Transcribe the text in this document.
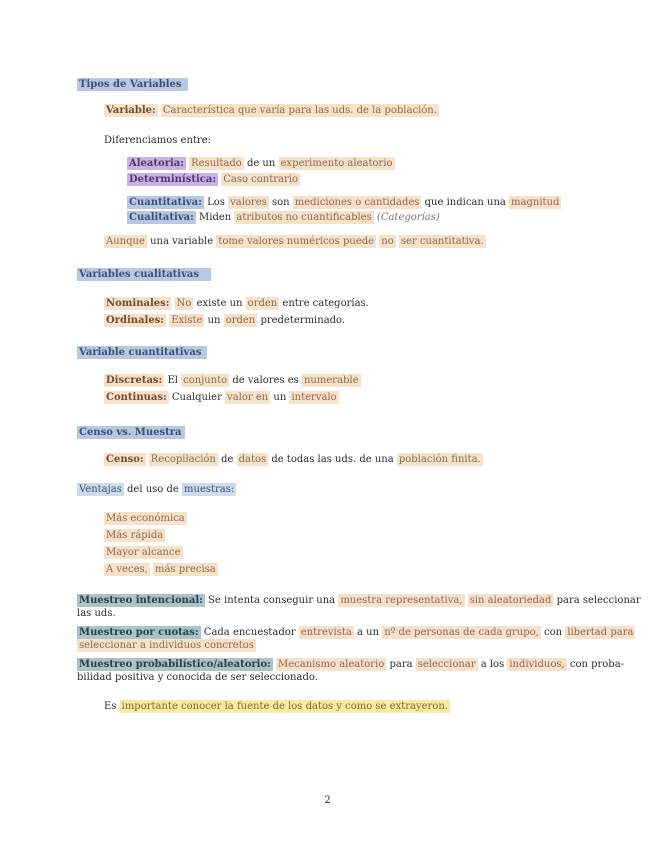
Tipos de Variables
Variable: Característica que varía para las uds. de la población.
Diferenciamos entre:
Aleatoria: Resultado de un experimento aleatorio
Determinística: Caso contrario
Cuantitativa: Los valores son mediciones o cantidades que indican una magnitud
Cualitativa: Miden atributos no cuantificables (Categorías)
Aunque una variable tome valores numéricos puede no ser cuantitativa.
Variables cualitativas
Nominales: No existe un orden entre categorías.
Ordinales: Existe un orden predeterminado.
Variable cuantitativas
Discretas: El conjunto de valores es numerable
Continuas: Cualquier valor en un intervalo
Censo vs. Muestra
Censo: Recopilación de datos de todas las uds. de una población finita.
Ventajas del uso de muestras:
Más económica
Más rápida
Mayor alcance
A veces, más precisa
Muestreo intencional: Se intenta conseguir una muestra representativa, sin aleatoriedad para seleccionar
las uds.
Muestreo por cuotas: Cada encuestador entrevista a un nº de personas de cada grupo, con libertad para
seleccionar a individuos concretos
Muestreo probabilístico/aleatorio: Mecanismo aleatorio para seleccionar a los individuos, con proba-
bilidad positiva y conocida de ser seleccionado.
Es importante conocer la fuente de los datos y como se extrayeron.
2
